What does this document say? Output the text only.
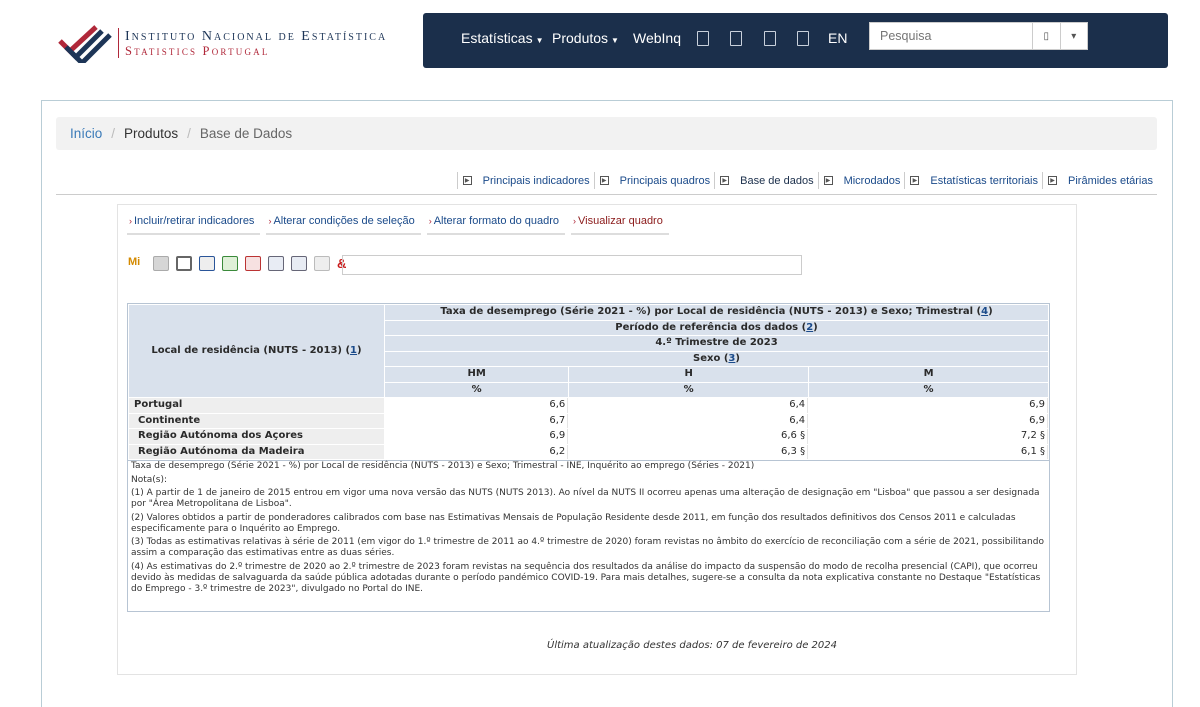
Instituto Nacional de Estatística
Statistics Portugal
Estatísticas ▼ Produtos ▼ WebInq	EN
Pesquisa	▯	▾
Início / Produtos / Base de Dados
▶ Principais indicadores	▶ Principais quadros	▶ Base de dados	▶ Microdados	▶ Estatísticas territoriais	▶ Pirâmides etárias
› Incluir/retirar indicadores	› Alterar condições de seleção	› Alterar formato do quadro	› Visualizar quadro
Mi	&
Local de residência (NUTS - 2013) (1)	Taxa de desemprego (Série 2021 - %) por Local de residência (NUTS - 2013) e Sexo; Trimestral (4)		
	Período de referência dos dados (2)		
	4.º Trimestre de 2023		
	Sexo (3)		
	HM	H	M
	%	%	%
Portugal	6,6	6,4	6,9
Continente	6,7	6,4	6,9
Região Autónoma dos Açores	6,9	6,6 §	7,2 §
Região Autónoma da Madeira	6,2	6,3 §	6,1 §

Taxa de desemprego (Série 2021 - %) por Local de residência (NUTS - 2013) e Sexo; Trimestral - INE, Inquérito ao emprego (Séries - 2021)

Nota(s):

(1) A partir de 1 de janeiro de 2015 entrou em vigor uma nova versão das NUTS (NUTS 2013). Ao nível da NUTS II ocorreu apenas uma alteração de designação em "Lisboa" que passou a ser designada por "Área Metropolitana de Lisboa".

(2) Valores obtidos a partir de ponderadores calibrados com base nas Estimativas Mensais de População Residente desde 2011, em função dos resultados definitivos dos Censos 2011 e calculadas especificamente para o Inquérito ao Emprego.

(3) Todas as estimativas relativas à série de 2011 (em vigor do 1.º trimestre de 2011 ao 4.º trimestre de 2020) foram revistas no âmbito do exercício de reconciliação com a série de 2021, possibilitando assim a comparação das estimativas entre as duas séries.

(4) As estimativas do 2.º trimestre de 2020 ao 2.º trimestre de 2023 foram revistas na sequência dos resultados da análise do impacto da suspensão do modo de recolha presencial (CAPI), que ocorreu devido às medidas de salvaguarda da saúde pública adotadas durante o período pandémico COVID-19. Para mais detalhes, sugere-se a consulta da nota explicativa constante no Destaque "Estatísticas do Emprego - 3.º trimestre de 2023", divulgado no Portal do INE.

Última atualização destes dados: 07 de fevereiro de 2024
